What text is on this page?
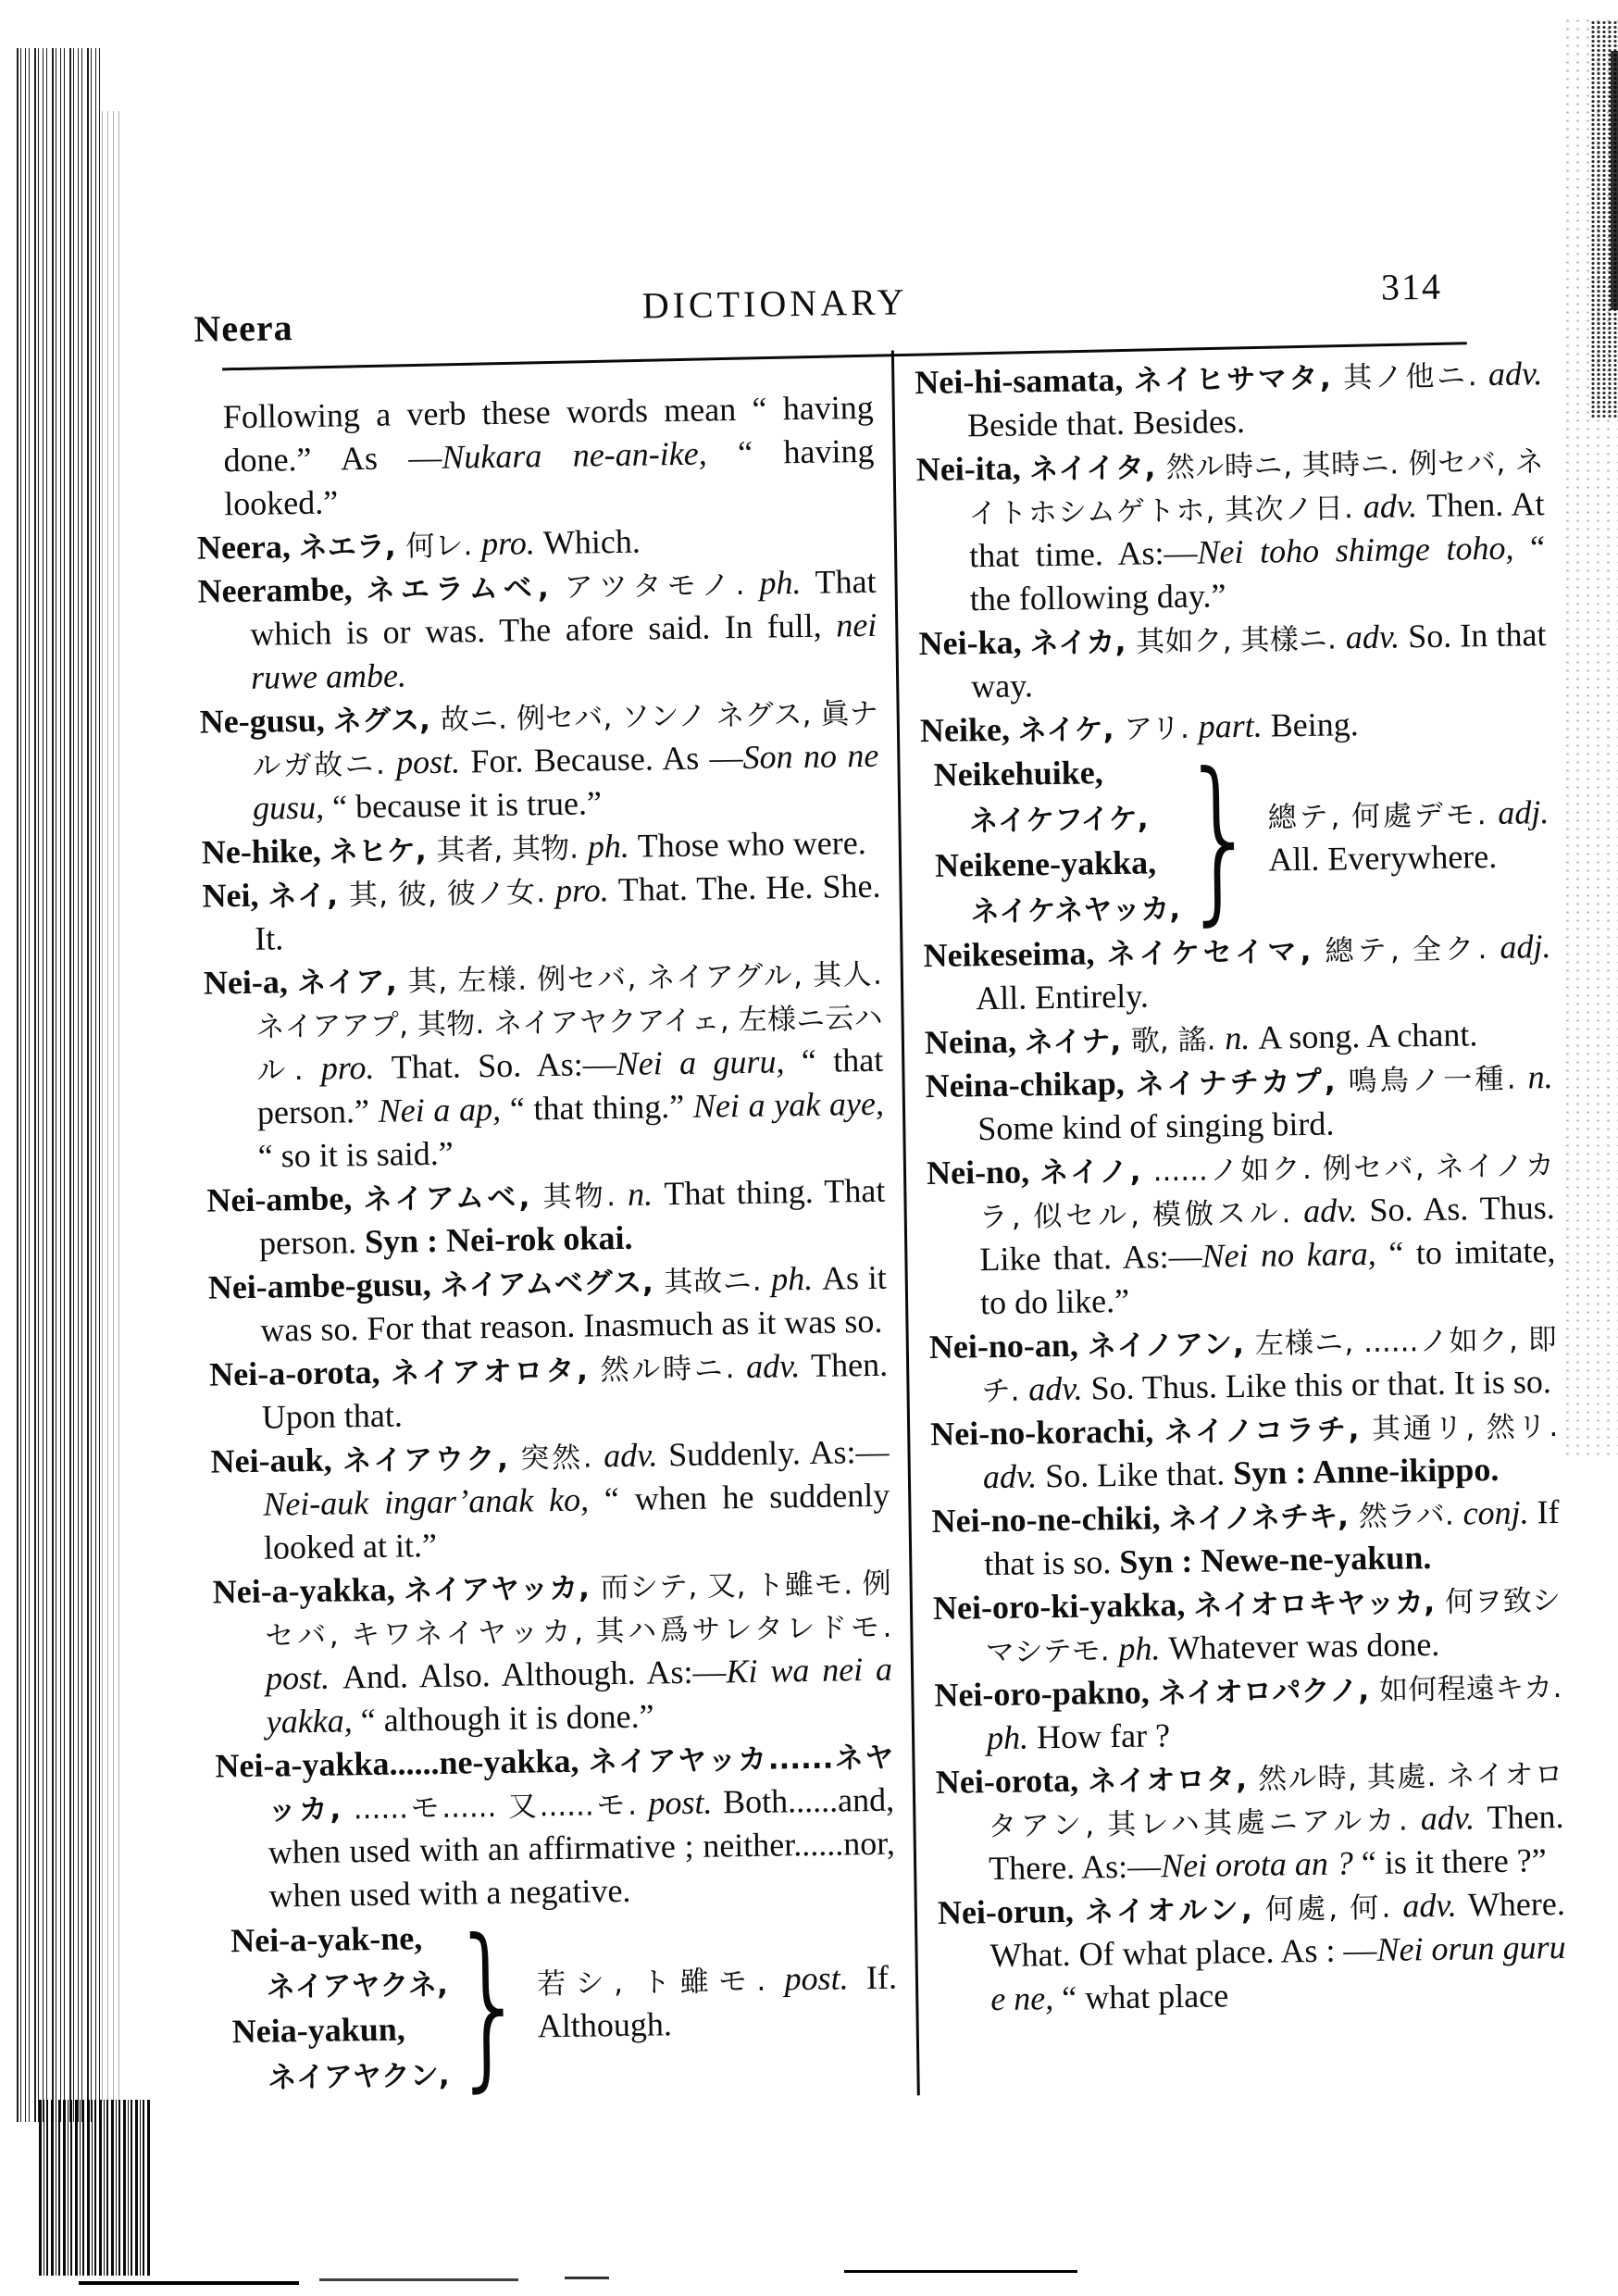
Neera
DICTIONARY	314
Following a verb these words mean “ having done.” As —Nukara ne-an-ike, “ having looked.”
Neera, ネエラ, 何レ. pro. Which.
Neerambe, ネエラムベ, アツタモノ. ph. That which is or was. The afore said. In full, nei ruwe ambe.
Ne-gusu, ネグス, 故ニ. 例セバ, ソンノ ネグス, 眞ナルガ故ニ. post. For. Because. As —Son no ne gusu, “ because it is true.”
Ne-hike, ネヒケ, 其者, 其物. ph. Those who were.
Nei, ネイ, 其, 彼, 彼ノ女. pro. That. The. He. She. It.
Nei-a, ネイア, 其, 左様. 例セバ, ネイアグル, 其人. ネイアアプ, 其物. ネイアヤクアイェ, 左様ニ云ハル. pro. That. So. As:—Nei a guru, “ that person.” Nei a ap, “ that thing.” Nei a yak aye, “ so it is said.”
Nei-ambe, ネイアムベ, 其物. n. That thing. That person. Syn : Nei-rok okai.
Nei-ambe-gusu, ネイアムベグス, 其故ニ. ph. As it was so. For that reason. Inasmuch as it was so.
Nei-a-orota, ネイアオロタ, 然ル時ニ. adv. Then. Upon that.
Nei-auk, ネイアウク, 突然. adv. Suddenly. As:—Nei-auk ingar’anak ko, “ when he suddenly looked at it.”
Nei-a-yakka, ネイアヤッカ, 而シテ, 又, ト雖モ. 例セバ, キワネイヤッカ, 其ハ爲サレタレドモ. post. And. Also. Although. As:—Ki wa nei a yakka, “ although it is done.”
Nei-a-yakka......ne-yakka, ネイアヤッカ......ネヤッカ, ......モ...... 又......モ. post. Both......and, when used with an affirmative ; neither......nor, when used with a negative.
Nei-a-yak-ne,
ネイアヤクネ,
Neia-yakun,
ネイアヤクン,
} 若シ, ト雖モ. post. If. Although.
Nei-hi-samata, ネイヒサマタ, 其ノ他ニ. adv. Beside that. Besides.
Nei-ita, ネイイタ, 然ル時ニ, 其時ニ. 例セバ, ネイトホシムゲトホ, 其次ノ日. adv. Then. At that time. As:—Nei toho shimge toho, “ the following day.”
Nei-ka, ネイカ, 其如ク, 其樣ニ. adv. So. In that way.
Neike, ネイケ, アリ. part. Being.
Neikehuike,
ネイケフイケ,
Neikene-yakka,
ネイケネヤッカ,
} 總テ, 何處デモ. adj. All. Everywhere.
Neikeseima, ネイケセイマ, 總テ, 全ク. adj. All. Entirely.
Neina, ネイナ, 歌, 謠. n. A song. A chant.
Neina-chikap, ネイナチカプ, 鳴鳥ノ一種. n. Some kind of singing bird.
Nei-no, ネイノ, ......ノ如ク. 例セバ, ネイノカラ, 似セル, 模倣スル. adv. So. As. Thus. Like that. As:—Nei no kara, “ to imitate, to do like.”
Nei-no-an, ネイノアン, 左様ニ, ......ノ如ク, 即チ. adv. So. Thus. Like this or that. It is so.
Nei-no-korachi, ネイノコラチ, 其通リ, 然リ. adv. So. Like that. Syn : Anne-ikippo.
Nei-no-ne-chiki, ネイノネチキ, 然ラバ. conj. If that is so. Syn : Newe-ne-yakun.
Nei-oro-ki-yakka, ネイオロキヤッカ, 何ヲ致シマシテモ. ph. Whatever was done.
Nei-oro-pakno, ネイオロパクノ, 如何程遠キカ. ph. How far ?
Nei-orota, ネイオロタ, 然ル時, 其處. ネイオロタアン, 其レハ其處ニアルカ. adv. Then. There. As:—Nei orota an ? “ is it there ?”
Nei-orun, ネイオルン, 何處, 何. adv. Where. What. Of what place. As : —Nei orun guru e ne, “ what place
